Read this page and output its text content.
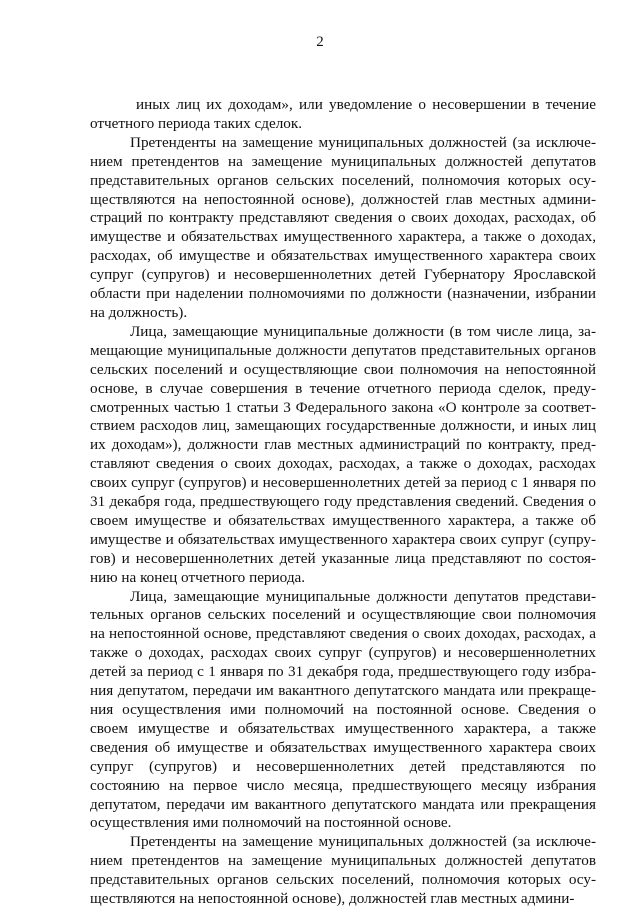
2

иных лиц их доходам», или уведомление о несовершении в течение отчетного периода таких сделок.

Претенденты на замещение муниципальных должностей (за исключением претендентов на замещение муниципальных должностей депутатов представительных органов сельских поселений, полномочия которых осуществляются на непостоянной основе), должностей глав местных администраций по контракту представляют сведения о своих доходах, расходах, об имуществе и обязательствах имущественного характера, а также о доходах, расходах, об имуществе и обязательствах имущественного характера своих супруг (супругов) и несовершеннолетних детей Губернатору Ярославской области при наделении полномочиями по должности (назначении, избрании на должность).

Лица, замещающие муниципальные должности (в том числе лица, замещающие муниципальные должности депутатов представительных органов сельских поселений и осуществляющие свои полномочия на непостоянной основе, в случае совершения в течение отчетного периода сделок, предусмотренных частью 1 статьи 3 Федерального закона «О контроле за соответствием расходов лиц, замещающих государственные должности, и иных лиц их доходам»), должности глав местных администраций по контракту, представляют сведения о своих доходах, расходах, а также о доходах, расходах своих супруг (супругов) и несовершеннолетних детей за период с 1 января по 31 декабря года, предшествующего году представления сведений. Сведения о своем имуществе и обязательствах имущественного характера, а также об имуществе и обязательствах имущественного характера своих супруг (супругов) и несовершеннолетних детей указанные лица представляют по состоянию на конец отчетного периода.

Лица, замещающие муниципальные должности депутатов представительных органов сельских поселений и осуществляющие свои полномочия на непостоянной основе, представляют сведения о своих доходах, расходах, а также о доходах, расходах своих супруг (супругов) и несовершеннолетних детей за период с 1 января по 31 декабря года, предшествующего году избрания депутатом, передачи им вакантного депутатского мандата или прекращения осуществления ими полномочий на постоянной основе. Сведения о своем имуществе и обязательствах имущественного характера, а также сведения об имуществе и обязательствах имущественного характера своих супруг (супругов) и несовершеннолетних детей представляются по состоянию на первое число месяца, предшествующего месяцу избрания депутатом, передачи им вакантного депутатского мандата или прекращения осуществления ими полномочий на постоянной основе.

Претенденты на замещение муниципальных должностей (за исключением претендентов на замещение муниципальных должностей депутатов представительных органов сельских поселений, полномочия которых осуществляются на непостоянной основе), должностей глав местных админи-
